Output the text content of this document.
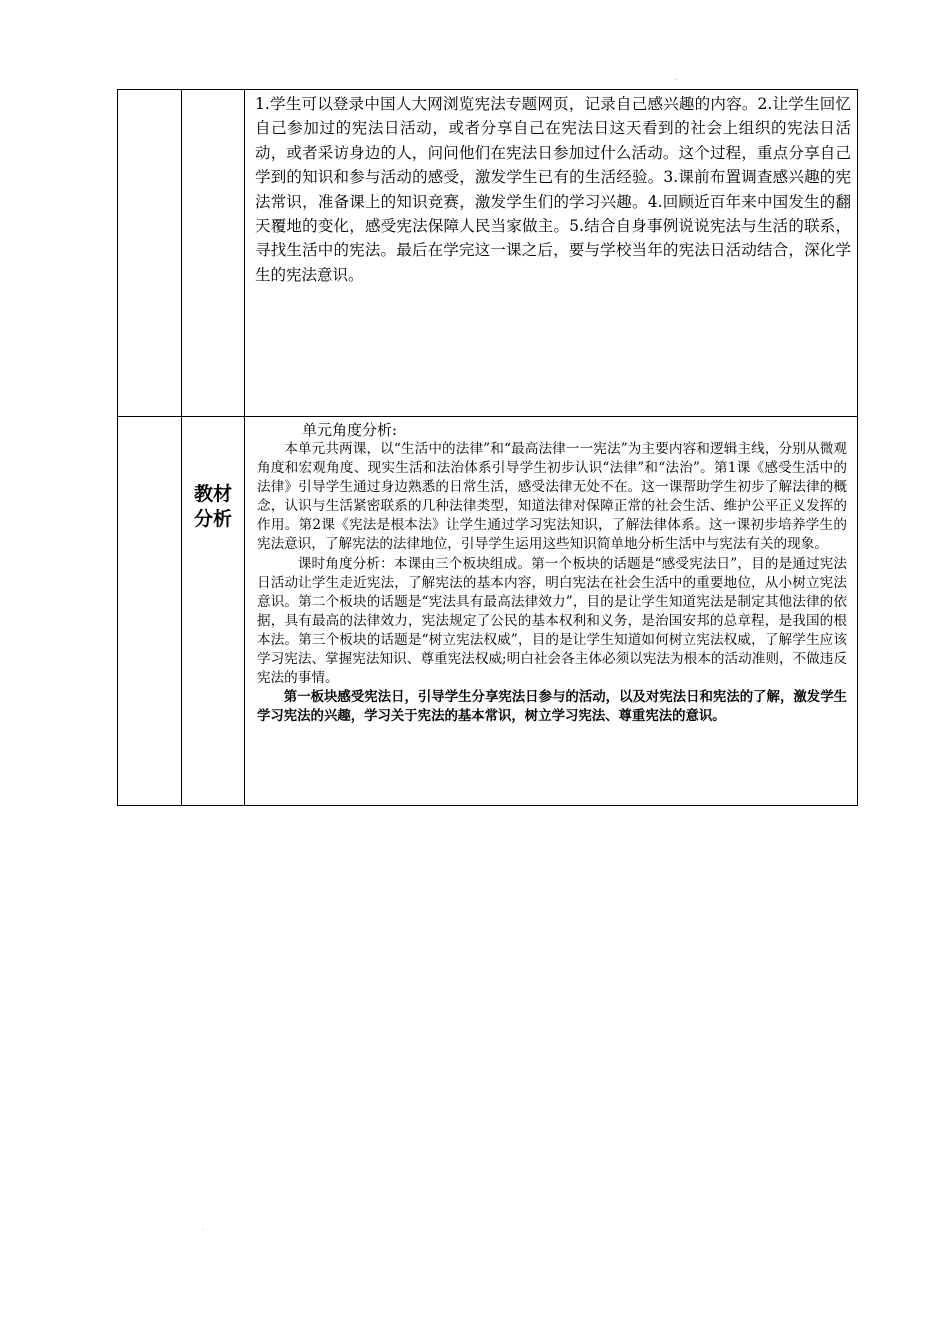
.

		1.学生可以登录中国人大网浏览宪法专题网页，记录自己感兴趣的内容。2.让学生回忆自己参加过的宪法日活动，或者分享自己在宪法日这天看到的社会上组织的宪法日活动，或者采访身边的人，问问他们在宪法日参加过什么活动。这个过程，重点分享自己学到的知识和参与活动的感受，激发学生已有的生活经验。3.课前布置调查感兴趣的宪法常识，准备课上的知识竞赛，激发学生们的学习兴趣。4.回顾近百年来中国发生的翻天覆地的变化，感受宪法保障人民当家做主。5.结合自身事例说说宪法与生活的联系，寻找生活中的宪法。最后在学完这一课之后，要与学校当年的宪法日活动结合，深化学生的宪法意识。

	教材分析	单元角度分析:

本单元共两课，以“生活中的法律”和“最高法律一一宪法”为主要内容和逻辑主线，分别从微观角度和宏观角度、现实生活和法治体系引导学生初步认识“法律”和“法治”。第1课《感受生活中的法律》引导学生通过身边熟悉的日常生活，感受法律无处不在。这一课帮助学生初步了解法律的概念，认识与生活紧密联系的几种法律类型，知道法律对保障正常的社会生活、维护公平正义发挥的作用。第2课《宪法是根本法》让学生通过学习宪法知识，了解法律体系。这一课初步培养学生的宪法意识，了解宪法的法律地位，引导学生运用这些知识简单地分析生活中与宪法有关的现象。

课时角度分析：本课由三个板块组成。第一个板块的话题是“感受宪法日”，目的是通过宪法日活动让学生走近宪法，了解宪法的基本内容，明白宪法在社会生活中的重要地位，从小树立宪法意识。第二个板块的话题是“宪法具有最高法律效力”，目的是让学生知道宪法是制定其他法律的依据，具有最高的法律效力，宪法规定了公民的基本权利和义务，是治国安邦的总章程，是我国的根本法。第三个板块的话题是“树立宪法权威”，目的是让学生知道如何树立宪法权威，了解学生应该学习宪法、掌握宪法知识、尊重宪法权威;明白社会各主体必须以宪法为根本的活动准则，不做违反宪法的事情。

第一板块感受宪法日，引导学生分享宪法日参与的活动，以及对宪法日和宪法的了解，激发学生学习宪法的兴趣，学习关于宪法的基本常识，树立学习宪法、尊重宪法的意识。

.
